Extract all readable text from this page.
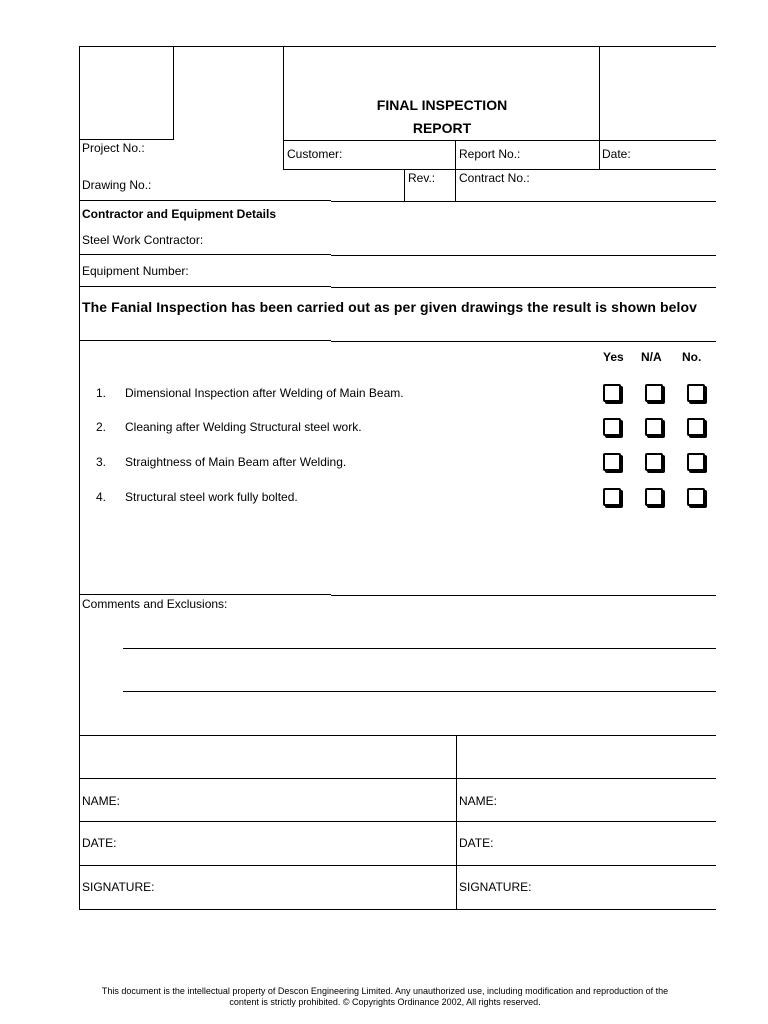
FINAL INSPECTION
REPORT
Project No.:	Customer:	Report No.:	Date:
Drawing No.:	Rev.: Contract No.:
Contractor and Equipment Details
Steel Work Contractor:
Equipment Number:
The Fanial Inspection has been carried out as per given drawings the result is shown belov
Yes N/A No.
1. Dimensional Inspection after Welding of Main Beam.
2. Cleaning after Welding Structural steel work.
3. Straightness of Main Beam after Welding.
4. Structural steel work fully bolted.
Comments and Exclusions:
NAME:	NAME:
DATE:	DATE:
SIGNATURE:	SIGNATURE:
This document is the intellectual property of Descon Engineering Limited. Any unauthorized use, including modification and reproduction of the
content is strictly prohibited. © Copyrights Ordinance 2002, All rights reserved.
